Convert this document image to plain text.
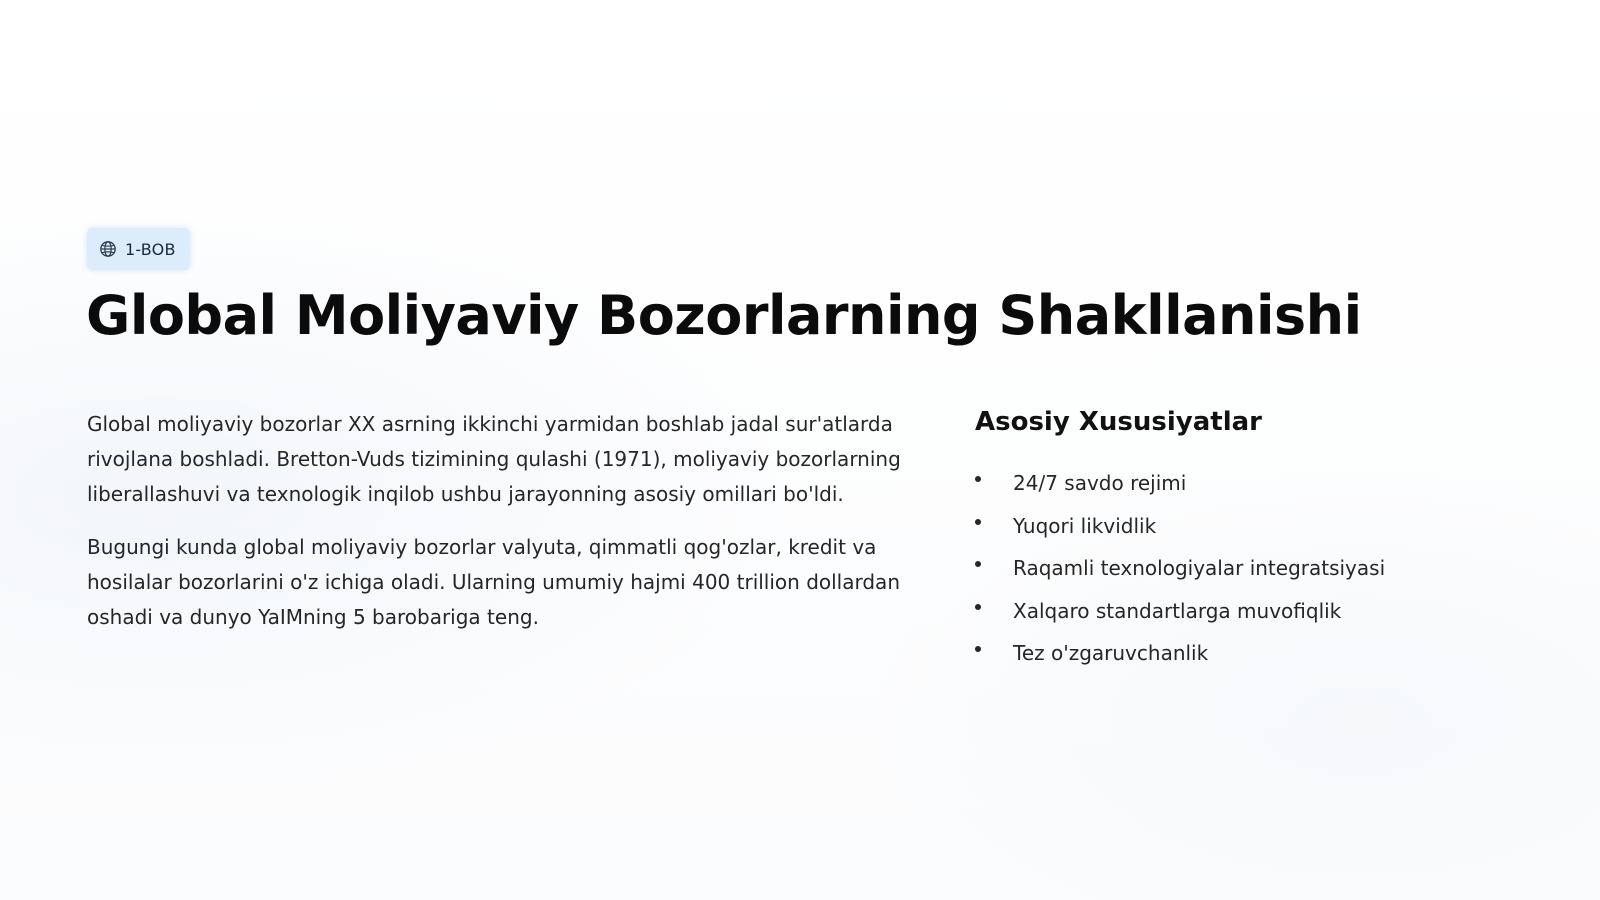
1-BOB
Global Moliyaviy Bozorlarning Shakllanishi

Global moliyaviy bozorlar XX asrning ikkinchi yarmidan boshlab jadal sur'atlarda rivojlana boshladi. Bretton-Vuds tizimining qulashi (1971), moliyaviy bozorlarning liberallashuvi va texnologik inqilob ushbu jarayonning asosiy omillari bo'ldi.

Bugungi kunda global moliyaviy bozorlar valyuta, qimmatli qog'ozlar, kredit va hosilalar bozorlarini o'z ichiga oladi. Ularning umumiy hajmi 400 trillion dollardan oshadi va dunyo YaIMning 5 barobariga teng.

Asosiy Xususiyatlar
24/7 savdo rejimi
Yuqori likvidlik
Raqamli texnologiyalar integratsiyasi
Xalqaro standartlarga muvofiqlik
Tez o'zgaruvchanlik
